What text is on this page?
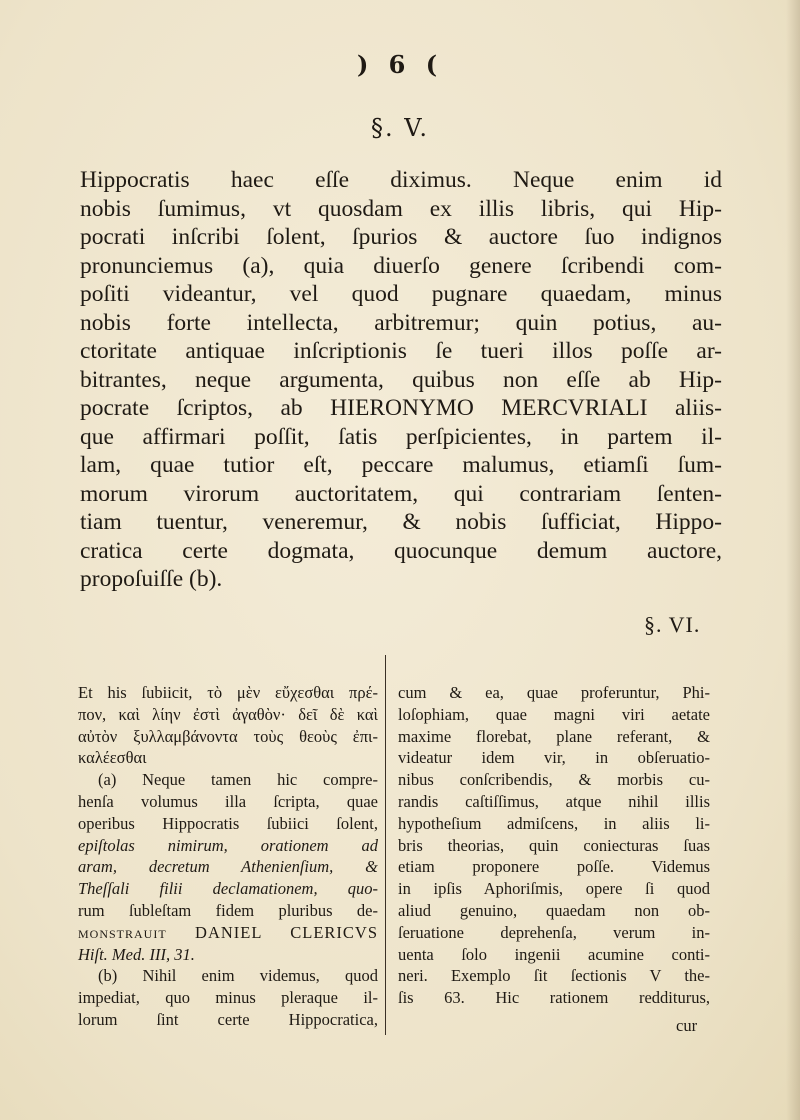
) 6 (
§. V.
Hippocratis haec eſſe diximus. Neque enim id
nobis ſumimus, vt quosdam ex illis libris, qui Hip-
pocrati inſcribi ſolent, ſpurios & auctore ſuo indignos
pronunciemus (a), quia diuerſo genere ſcribendi com-
poſiti videantur, vel quod pugnare quaedam, minus
nobis forte intellecta, arbitremur; quin potius, au-
ctoritate antiquae inſcriptionis ſe tueri illos poſſe ar-
bitrantes, neque argumenta, quibus non eſſe ab Hip-
pocrate ſcriptos, ab HIERONYMO MERCVRIALI aliis-
que affirmari poſſit, ſatis perſpicientes, in partem il-
lam, quae tutior eſt, peccare malumus, etiamſi ſum-
morum virorum auctoritatem, qui contrariam ſenten-
tiam tuentur, veneremur, & nobis ſufficiat, Hippo-
cratica certe dogmata, quocunque demum auctore,
propoſuiſſe (b).
§. VI.
Et his ſubiicit, τὸ μὲν εὔχεσθαι πρέ-
πον, καὶ λίην ἐστὶ ἀγαθὸν· δεῖ δὲ καὶ
αὐτὸν ξυλλαμβάνοντα τοὺς θεοὺς ἐπι-
καλέεσθαι
(a) Neque tamen hic compre-
henſa volumus illa ſcripta, quae
operibus Hippocratis ſubiici ſolent,
epiſtolas nimirum, orationem ad
aram, decretum Athenienſium, &
Theſſali filii declamationem, quo-
rum ſubleſtam fidem pluribus de-
monſtrauit DANIEL CLERICVS
Hiſt. Med. III, 31.
(b) Nihil enim videmus, quod
impediat, quo minus pleraque il-
lorum ſint certe Hippocratica,
cum & ea, quae proferuntur, Phi-
loſophiam, quae magni viri aetate
maxime florebat, plane referant, &
videatur idem vir, in obſeruatio-
nibus conſcribendis, & morbis cu-
randis caſtiſſimus, atque nihil illis
hypotheſium admiſcens, in aliis li-
bris theorias, quin coniecturas ſuas
etiam proponere poſſe. Videmus
in ipſis Aphoriſmis, opere ſi quod
aliud genuino, quaedam non ob-
ſeruatione deprehenſa, verum in-
uenta ſolo ingenii acumine conti-
neri. Exemplo ſit ſectionis V the-
ſis 63. Hic rationem redditurus,
cur
